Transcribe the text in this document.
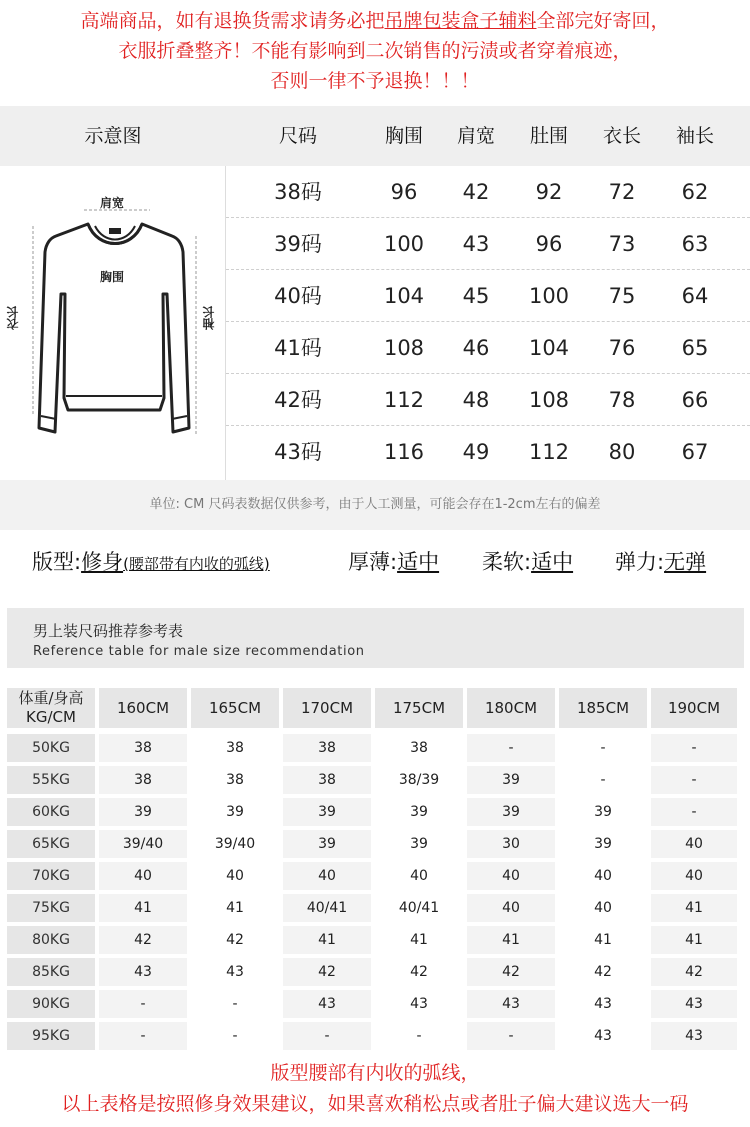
高端商品，如有退换货需求请务必把吊牌包装盒子辅料全部完好寄回，
衣服折叠整齐！不能有影响到二次销售的污渍或者穿着痕迹，
否则一律不予退换！！！
示意图	尺码	胸围	肩宽	肚围	衣长	袖长
肩宽
胸围
衣长	袖长
38码	96	42	92	72	62
39码	100	43	96	73	63
40码	104	45	100	75	64
41码	108	46	104	76	65
42码	112	48	108	78	66
43码	116	49	112	80	67
单位: CM 尺码表数据仅供参考，由于人工测量，可能会存在1-2cm左右的偏差
版型:修身(腰部带有内收的弧线)	厚薄:适中 柔软:适中 弹力:无弹
男上装尺码推荐参考表
Reference table for male size recommendation
体重/身高
KG/CM	160CM	165CM	170CM	175CM	180CM	185CM	190CM
50KG	38	38	38	38	-	-	-
55KG	38	38	38	38/39	39	-	-
60KG	39	39	39	39	39	39	-
65KG	39/40	39/40	39	39	30	39	40
70KG	40	40	40	40	40	40	40
75KG	41	41	40/41	40/41	40	40	41
80KG	42	42	41	41	41	41	41
85KG	43	43	42	42	42	42	42
90KG	-	-	43	43	43	43	43
95KG	-	-	-	-	-	43	43
版型腰部有内收的弧线，
以上表格是按照修身效果建议，如果喜欢稍松点或者肚子偏大建议选大一码
